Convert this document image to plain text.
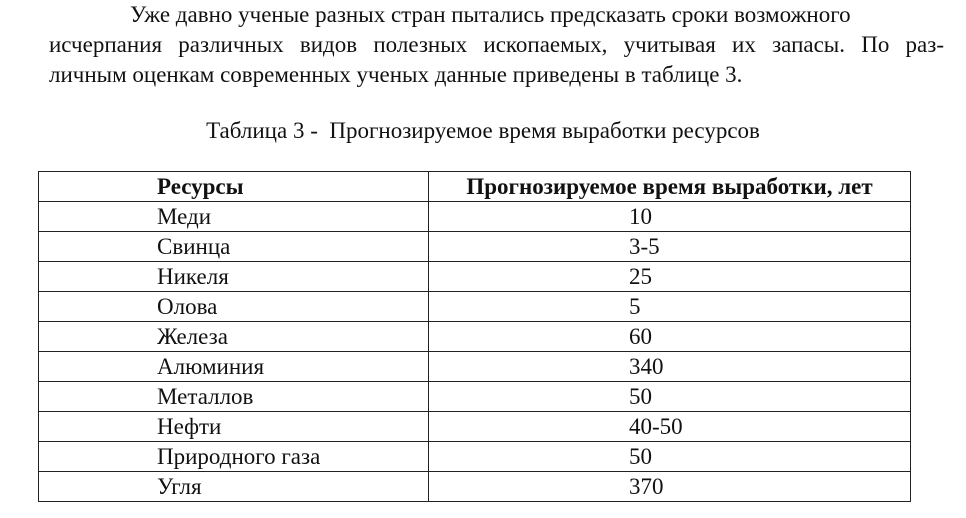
Уже давно ученые разных стран пытались предсказать сроки возможного
исчерпания различных видов полезных ископаемых, учитывая их запасы. По раз-
личным оценкам современных ученых данные приведены в таблице 3.

Таблица 3 -  Прогнозируемое время выработки ресурсов

Ресурсы	Прогнозируемое время выработки, лет
Меди	10
Свинца	3-5
Никеля	25
Олова	5
Железа	60
Алюминия	340
Металлов	50
Нефти	40-50
Природного газа	50
Угля	370
